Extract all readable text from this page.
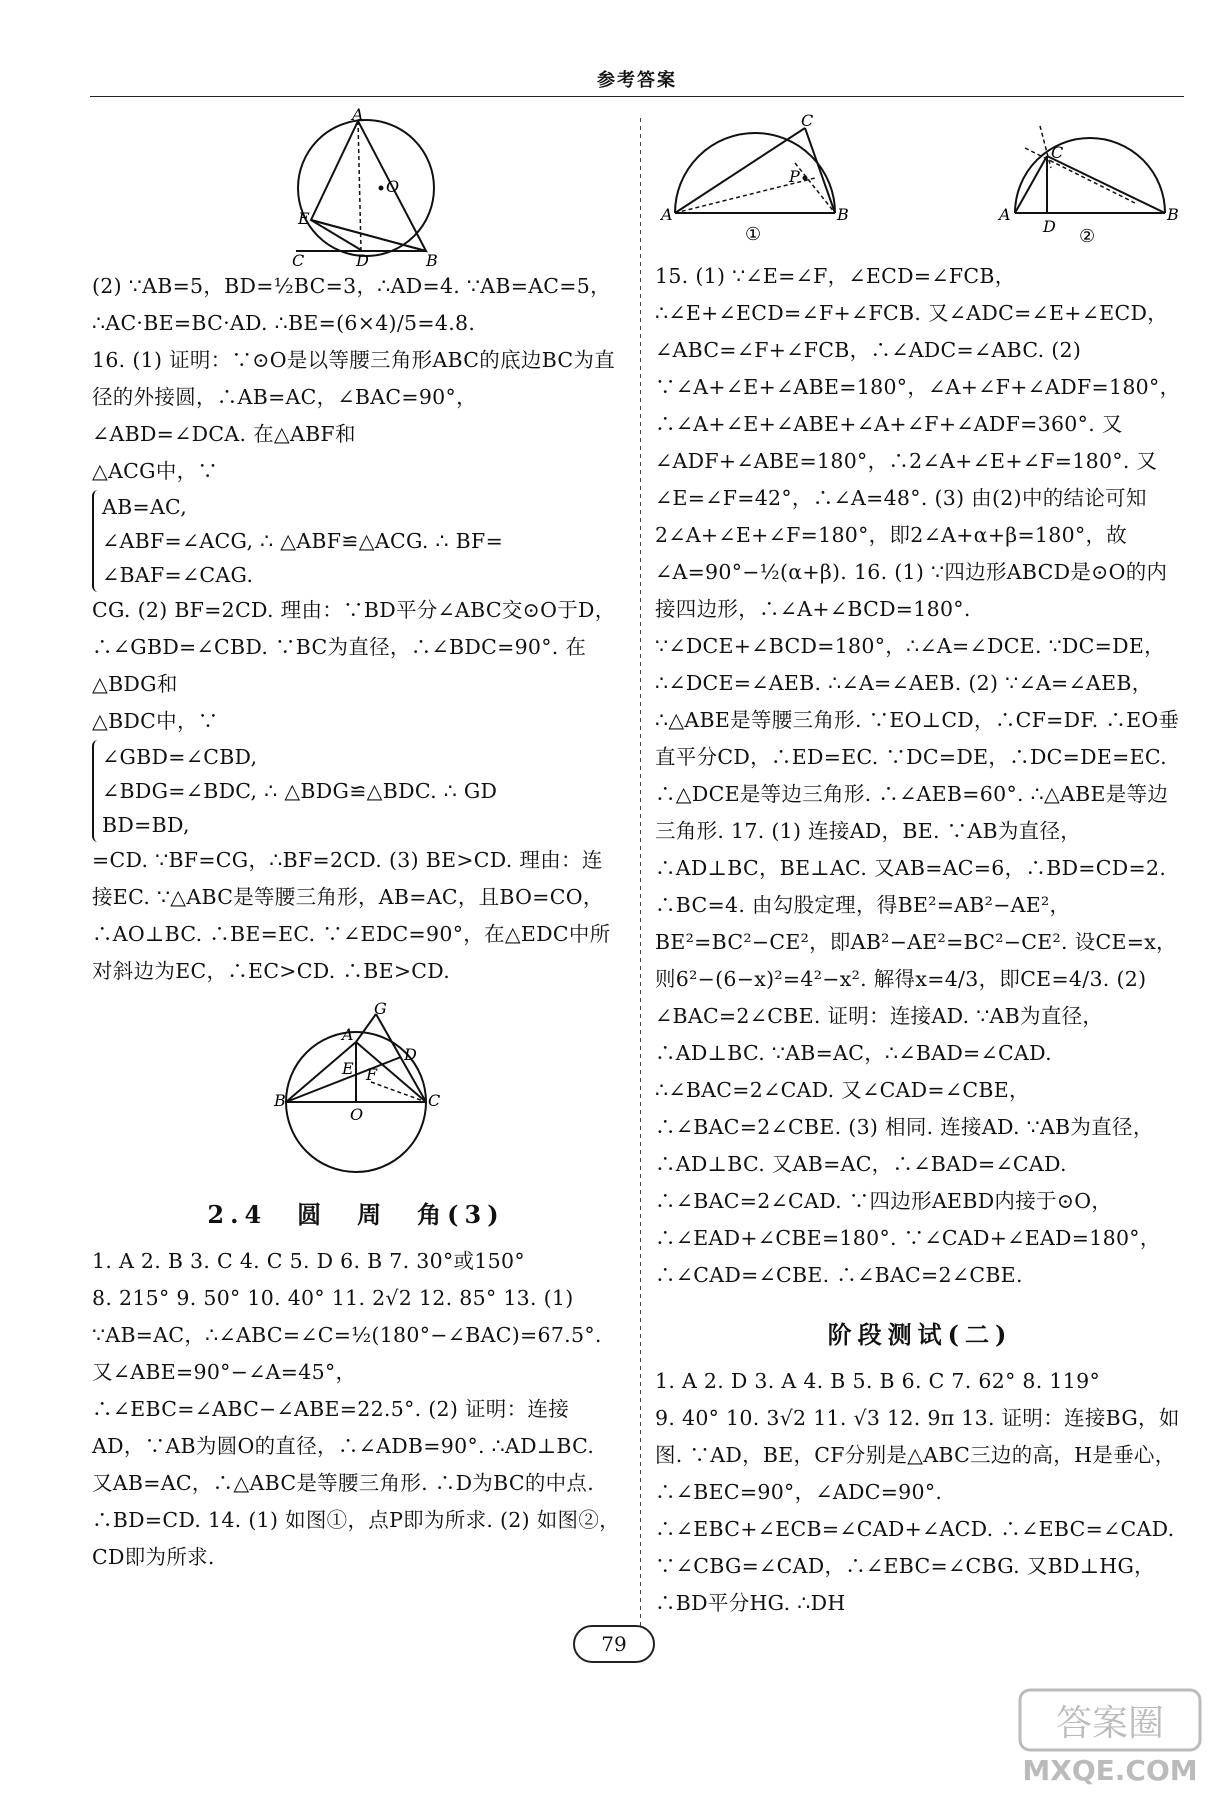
参考答案
A
O
E
C	D	B

(2) ∵AB=5，BD=½BC=3，∴AD=4. ∵AB=AC=5，∴AC·BE=BC·AD. ∴BE=(6×4)/5=4.8.

16. (1) 证明：∵⊙O是以等腰三角形ABC的底边BC为直径的外接圆，∴AB=AC，∠BAC=90°，∠ABD=∠DCA. 在△ABF和

△ACG中，∵
AB=AC,
∠ABF=∠ACG, ∴ △ABF≌△ACG. ∴ BF=
∠BAF=∠CAG.

CG. (2) BF=2CD. 理由：∵BD平分∠ABC交⊙O于D，∴∠GBD=∠CBD. ∵BC为直径，∴∠BDC=90°. 在△BDG和

△BDC中，∵
∠GBD=∠CBD,
∠BDG=∠BDC, ∴ △BDG≌△BDC. ∴ GD
BD=BD,

=CD. ∵BF=CG，∴BF=2CD. (3) BE>CD. 理由：连接EC. ∵△ABC是等腰三角形，AB=AC，且BO=CO，∴AO⊥BC. ∴BE=EC. ∵∠EDC=90°，在△EDC中所对斜边为EC，∴EC>CD. ∴BE>CD.

G
A
D
E F
B
O
C
2.4　圆　周　角(3)

1. A 2. B 3. C 4. C 5. D 6. B 7. 30°或150°

8. 215° 9. 50° 10. 40° 11. 2√2 12. 85° 13. (1) ∵AB=AC，∴∠ABC=∠C=½(180°−∠BAC)=67.5°. 又∠ABE=90°−∠A=45°，∴∠EBC=∠ABC−∠ABE=22.5°. (2) 证明：连接AD，∵AB为圆O的直径，∴∠ADB=90°. ∴AD⊥BC. 又AB=AC，∴△ABC是等腰三角形. ∴D为BC的中点. ∴BD=CD. 14. (1) 如图①，点P即为所求. (2) 如图②，CD即为所求.

C
P
A	B
①
C
A
D
B
②

15. (1) ∵∠E=∠F，∠ECD=∠FCB，∴∠E+∠ECD=∠F+∠FCB. 又∠ADC=∠E+∠ECD，∠ABC=∠F+∠FCB，∴∠ADC=∠ABC. (2) ∵∠A+∠E+∠ABE=180°，∠A+∠F+∠ADF=180°，∴∠A+∠E+∠ABE+∠A+∠F+∠ADF=360°. 又∠ADF+∠ABE=180°，∴2∠A+∠E+∠F=180°. 又∠E=∠F=42°，∴∠A=48°. (3) 由(2)中的结论可知2∠A+∠E+∠F=180°，即2∠A+α+β=180°，故∠A=90°−½(α+β). 16. (1) ∵四边形ABCD是⊙O的内接四边形，∴∠A+∠BCD=180°. ∵∠DCE+∠BCD=180°，∴∠A=∠DCE. ∵DC=DE，∴∠DCE=∠AEB. ∴∠A=∠AEB. (2) ∵∠A=∠AEB，∴△ABE是等腰三角形. ∵EO⊥CD，∴CF=DF. ∴EO垂直平分CD，∴ED=EC. ∵DC=DE，∴DC=DE=EC. ∴△DCE是等边三角形. ∴∠AEB=60°. ∴△ABE是等边三角形. 17. (1) 连接AD，BE. ∵AB为直径，∴AD⊥BC，BE⊥AC. 又AB=AC=6，∴BD=CD=2. ∴BC=4. 由勾股定理，得BE²=AB²−AE²，BE²=BC²−CE²，即AB²−AE²=BC²−CE². 设CE=x，则6²−(6−x)²=4²−x². 解得x=4/3，即CE=4/3. (2) ∠BAC=2∠CBE. 证明：连接AD. ∵AB为直径，∴AD⊥BC. ∵AB=AC，∴∠BAD=∠CAD. ∴∠BAC=2∠CAD. 又∠CAD=∠CBE，∴∠BAC=2∠CBE. (3) 相同. 连接AD. ∵AB为直径，∴AD⊥BC. 又AB=AC，∴∠BAD=∠CAD. ∴∠BAC=2∠CAD. ∵四边形AEBD内接于⊙O，∴∠EAD+∠CBE=180°. ∵∠CAD+∠EAD=180°，∴∠CAD=∠CBE. ∴∠BAC=2∠CBE.

阶段测试(二)

1. A 2. D 3. A 4. B 5. B 6. C 7. 62° 8. 119°

9. 40° 10. 3√2 11. √3 12. 9π 13. 证明：连接BG，如图. ∵AD，BE，CF分别是△ABC三边的高，H是垂心，∴∠BEC=90°，∠ADC=90°. ∴∠EBC+∠ECB=∠CAD+∠ACD. ∴∠EBC=∠CAD. ∵∠CBG=∠CAD，∴∠EBC=∠CBG. 又BD⊥HG，∴BD平分HG. ∴DH

79
答案圈
MXQE.COM
